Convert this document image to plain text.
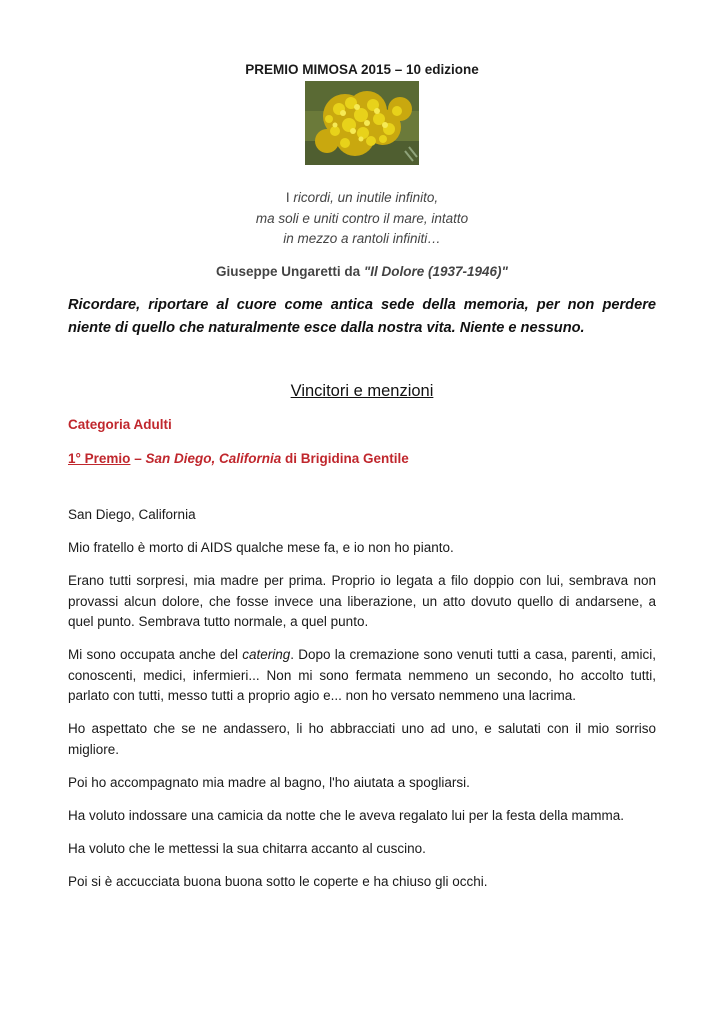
PREMIO MIMOSA 2015 – 10 edizione
I ricordi, un inutile infinito,
ma soli e uniti contro il mare, intatto
in mezzo a rantoli infiniti…
Giuseppe Ungaretti da "Il Dolore (1937-1946)"
Ricordare, riportare al cuore come antica sede della memoria, per non perdere niente di quello che naturalmente esce dalla nostra vita. Niente e nessuno.
Vincitori e menzioni
Categoria Adulti
1° Premio – San Diego, California di Brigidina Gentile

San Diego, California

Mio fratello è morto di AIDS qualche mese fa, e io non ho pianto.

Erano tutti sorpresi, mia madre per prima. Proprio io legata a filo doppio con lui, sembrava non provassi alcun dolore, che fosse invece una liberazione, un atto dovuto quello di andarsene, a quel punto. Sembrava tutto normale, a quel punto.

Mi sono occupata anche del catering. Dopo la cremazione sono venuti tutti a casa, parenti, amici, conoscenti, medici, infermieri... Non mi sono fermata nemmeno un secondo, ho accolto tutti, parlato con tutti, messo tutti a proprio agio e... non ho versato nemmeno una lacrima.

Ho aspettato che se ne andassero, li ho abbracciati uno ad uno, e salutati con il mio sorriso migliore.

Poi ho accompagnato mia madre al bagno, l'ho aiutata a spogliarsi.

Ha voluto indossare una camicia da notte che le aveva regalato lui per la festa della mamma.

Ha voluto che le mettessi la sua chitarra accanto al cuscino.

Poi si è accucciata buona buona sotto le coperte e ha chiuso gli occhi.
